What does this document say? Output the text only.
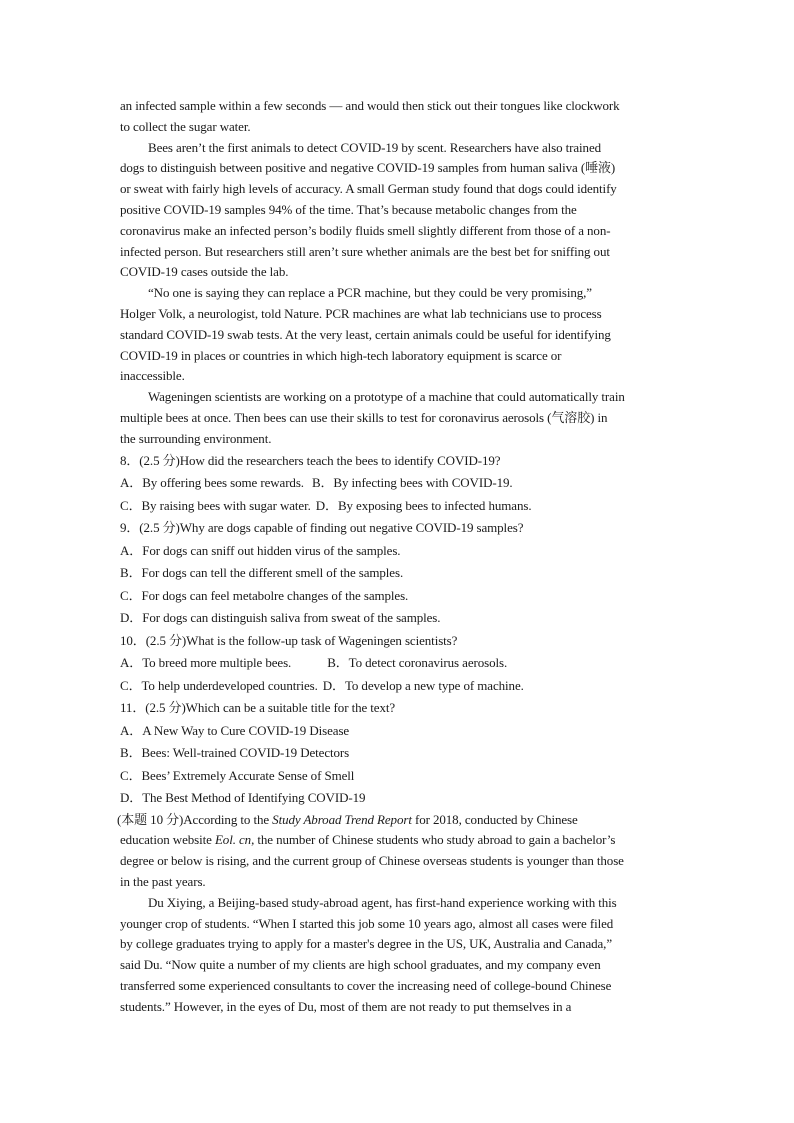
an infected sample within a few seconds — and would then stick out their tongues like clockwork
to collect the sugar water.
Bees aren’t the first animals to detect COVID-19 by scent. Researchers have also trained
dogs to distinguish between positive and negative COVID-19 samples from human saliva (唾液)
or sweat with fairly high levels of accuracy. A small German study found that dogs could identify
positive COVID-19 samples 94% of the time. That’s because metabolic changes from the
coronavirus make an infected person’s bodily fluids smell slightly different from those of a non-
infected person. But researchers still aren’t sure whether animals are the best bet for sniffing out
COVID-19 cases outside the lab.
“No one is saying they can replace a PCR machine, but they could be very promising,”
Holger Volk, a neurologist, told Nature. PCR machines are what lab technicians use to process
standard COVID-19 swab tests. At the very least, certain animals could be useful for identifying
COVID-19 in places or countries in which high-tech laboratory equipment is scarce or
inaccessible.
Wageningen scientists are working on a prototype of a machine that could automatically train
multiple bees at once. Then bees can use their skills to test for coronavirus aerosols (气溶胶) in
the surrounding environment.
8．(2.5 分)How did the researchers teach the bees to identify COVID-19?
A．By offering bees some rewards. B．By infecting bees with COVID-19.
C．By raising bees with sugar water. D．By exposing bees to infected humans.
9．(2.5 分)Why are dogs capable of finding out negative COVID-19 samples?
A．For dogs can sniff out hidden virus of the samples.
B．For dogs can tell the different smell of the samples.
C．For dogs can feel metabolre changes of the samples.
D．For dogs can distinguish saliva from sweat of the samples.
10．(2.5 分)What is the follow-up task of Wageningen scientists?
A．To breed more multiple bees.	B．To detect coronavirus aerosols.
C．To help underdeveloped countries. D．To develop a new type of machine.
11．(2.5 分)Which can be a suitable title for the text?
A．A New Way to Cure COVID-19 Disease
B．Bees: Well-trained COVID-19 Detectors
C．Bees’ Extremely Accurate Sense of Smell
D．The Best Method of Identifying COVID-19
(本题 10 分)According to the Study Abroad Trend Report for 2018, conducted by Chinese
education website Eol. cn, the number of Chinese students who study abroad to gain a bachelor’s
degree or below is rising, and the current group of Chinese overseas students is younger than those
in the past years.
Du Xiying, a Beijing-based study-abroad agent, has first-hand experience working with this
younger crop of students. “When I started this job some 10 years ago, almost all cases were filed
by college graduates trying to apply for a master's degree in the US, UK, Australia and Canada,”
said Du. “Now quite a number of my clients are high school graduates, and my company even
transferred some experienced consultants to cover the increasing need of college-bound Chinese
students.” However, in the eyes of Du, most of them are not ready to put themselves in a
